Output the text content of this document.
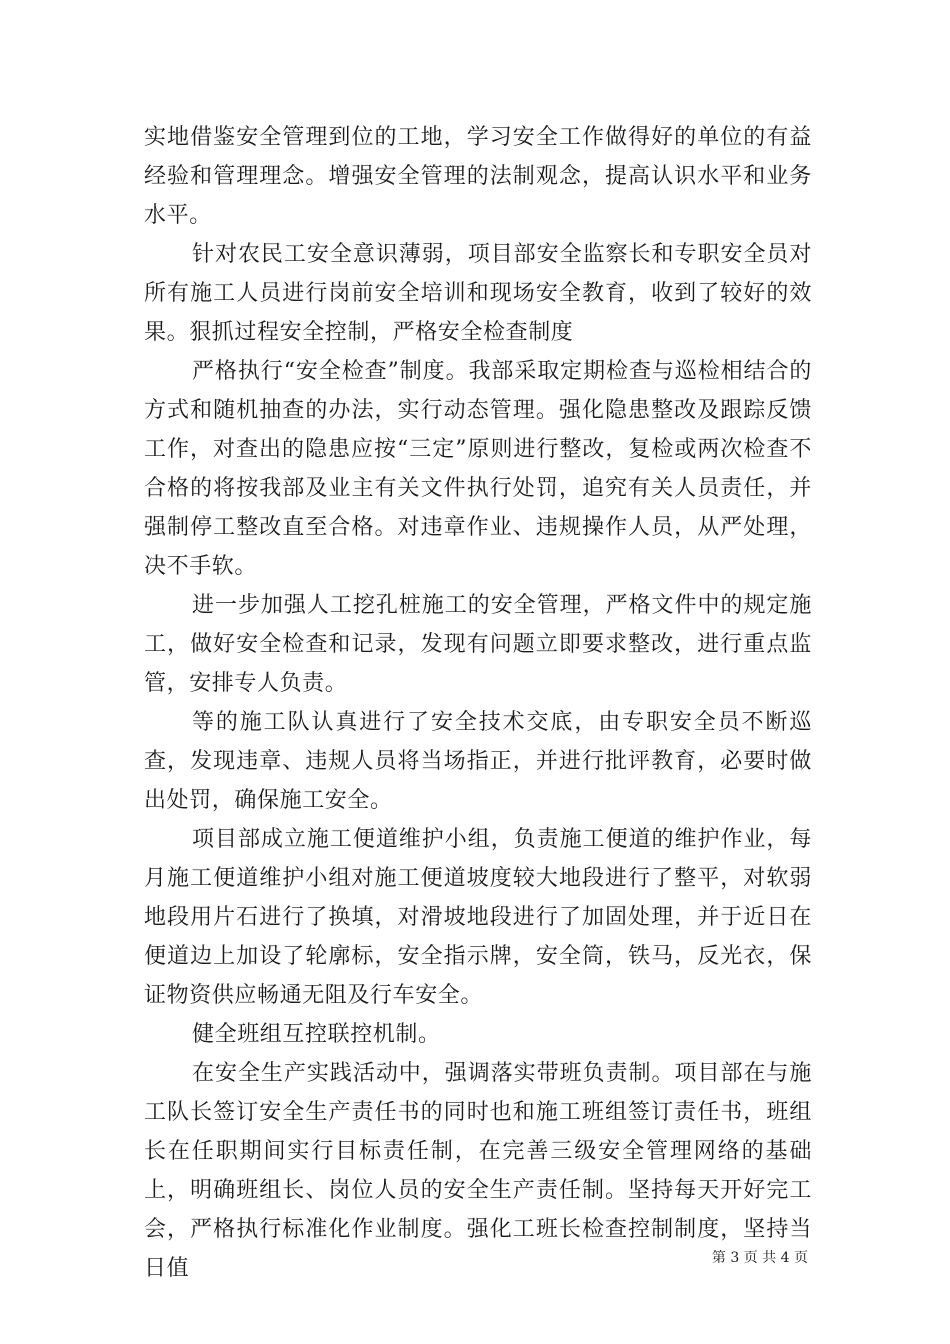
实地借鉴安全管理到位的工地，学习安全工作做得好的单位的有益经验和管理理念。增强安全管理的法制观念，提高认识水平和业务水平。

针对农民工安全意识薄弱，项目部安全监察长和专职安全员对所有施工人员进行岗前安全培训和现场安全教育，收到了较好的效果。狠抓过程安全控制，严格安全检查制度

严格执行“安全检查”制度。我部采取定期检查与巡检相结合的方式和随机抽查的办法，实行动态管理。强化隐患整改及跟踪反馈工作，对查出的隐患应按“三定”原则进行整改，复检或两次检查不合格的将按我部及业主有关文件执行处罚，追究有关人员责任，并强制停工整改直至合格。对违章作业、违规操作人员，从严处理，决不手软。

进一步加强人工挖孔桩施工的安全管理，严格文件中的规定施工，做好安全检查和记录，发现有问题立即要求整改，进行重点监管，安排专人负责。

等的施工队认真进行了安全技术交底，由专职安全员不断巡查，发现违章、违规人员将当场指正，并进行批评教育，必要时做出处罚，确保施工安全。

项目部成立施工便道维护小组，负责施工便道的维护作业，每月施工便道维护小组对施工便道坡度较大地段进行了整平，对软弱地段用片石进行了换填，对滑坡地段进行了加固处理，并于近日在便道边上加设了轮廓标，安全指示牌，安全筒，铁马，反光衣，保证物资供应畅通无阻及行车安全。

健全班组互控联控机制。

在安全生产实践活动中，强调落实带班负责制。项目部在与施工队长签订安全生产责任书的同时也和施工班组签订责任书，班组长在任职期间实行目标责任制，在完善三级安全管理网络的基础上，明确班组长、岗位人员的安全生产责任制。坚持每天开好完工会，严格执行标准化作业制度。强化工班长检查控制制度，坚持当日值	第 3 页 共 4 页
